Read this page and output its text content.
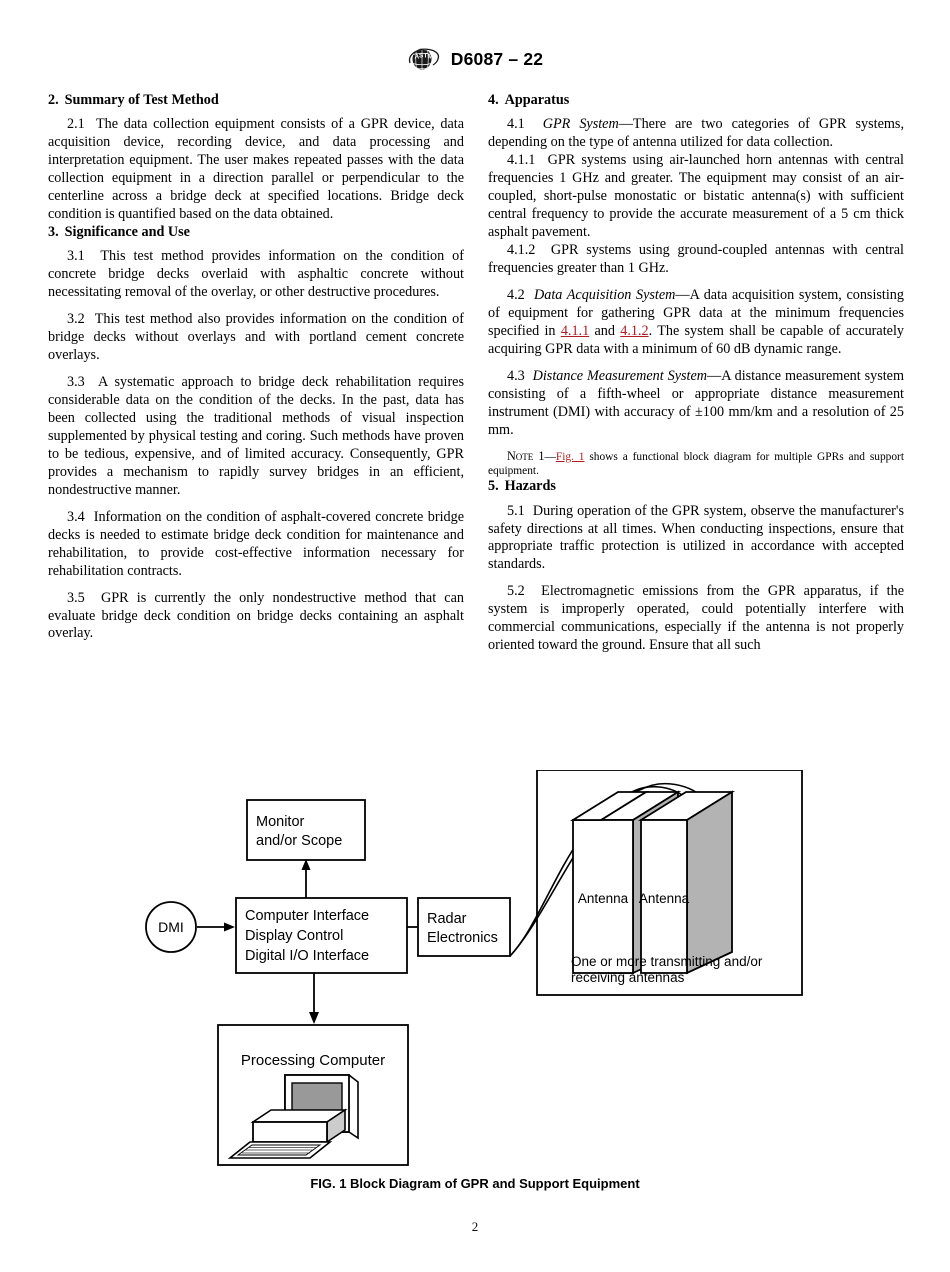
A S T M D6087 – 22
2. Summary of Test Method

2.1 The data collection equipment consists of a GPR device, data acquisition device, recording device, and data processing and interpretation equipment. The user makes repeated passes with the data collection equipment in a direction parallel or perpendicular to the centerline across a bridge deck at specified locations. Bridge deck condition is quantified based on the data obtained.

3. Significance and Use

3.1 This test method provides information on the condition of concrete bridge decks overlaid with asphaltic concrete without necessitating removal of the overlay, or other destructive procedures.

3.2 This test method also provides information on the condition of bridge decks without overlays and with portland cement concrete overlays.

3.3 A systematic approach to bridge deck rehabilitation requires considerable data on the condition of the decks. In the past, data has been collected using the traditional methods of visual inspection supplemented by physical testing and coring. Such methods have proven to be tedious, expensive, and of limited accuracy. Consequently, GPR provides a mechanism to rapidly survey bridges in an efficient, nondestructive manner.

3.4 Information on the condition of asphalt-covered concrete bridge decks is needed to estimate bridge deck condition for maintenance and rehabilitation, to provide cost-effective information necessary for rehabilitation contracts.

3.5 GPR is currently the only nondestructive method that can evaluate bridge deck condition on bridge decks containing an asphalt overlay.

4. Apparatus

4.1 GPR System—There are two categories of GPR systems, depending on the type of antenna utilized for data collection.

4.1.1 GPR systems using air-launched horn antennas with central frequencies 1 GHz and greater. The equipment may consist of an air-coupled, short-pulse monostatic or bistatic antenna(s) with sufficient central frequency to provide the accurate measurement of a 5 cm thick asphalt pavement.

4.1.2 GPR systems using ground-coupled antennas with central frequencies greater than 1 GHz.

4.2 Data Acquisition System—A data acquisition system, consisting of equipment for gathering GPR data at the minimum frequencies specified in 4.1.1 and 4.1.2. The system shall be capable of accurately acquiring GPR data with a minimum of 60 dB dynamic range.

4.3 Distance Measurement System—A distance measurement system consisting of a fifth-wheel or appropriate distance measurement instrument (DMI) with accuracy of ±100 mm/km and a resolution of 25 mm.

Note 1—Fig. 1 shows a functional block diagram for multiple GPRs and support equipment.

5. Hazards

5.1 During operation of the GPR system, observe the manufacturer's safety directions at all times. When conducting inspections, ensure that appropriate traffic protection is utilized in accordance with accepted standards.

5.2 Electromagnetic emissions from the GPR apparatus, if the system is improperly operated, could potentially interfere with commercial communications, especially if the antenna is not properly oriented toward the ground. Ensure that all such

Monitor
and/or Scope
DMI
Computer Interface
Display Control
Digital I/O Interface
Radar
Electronics
Antenna Antenna
One or more transmitting and/or
receiving antennas
Processing Computer
FIG. 1 Block Diagram of GPR and Support Equipment
2
